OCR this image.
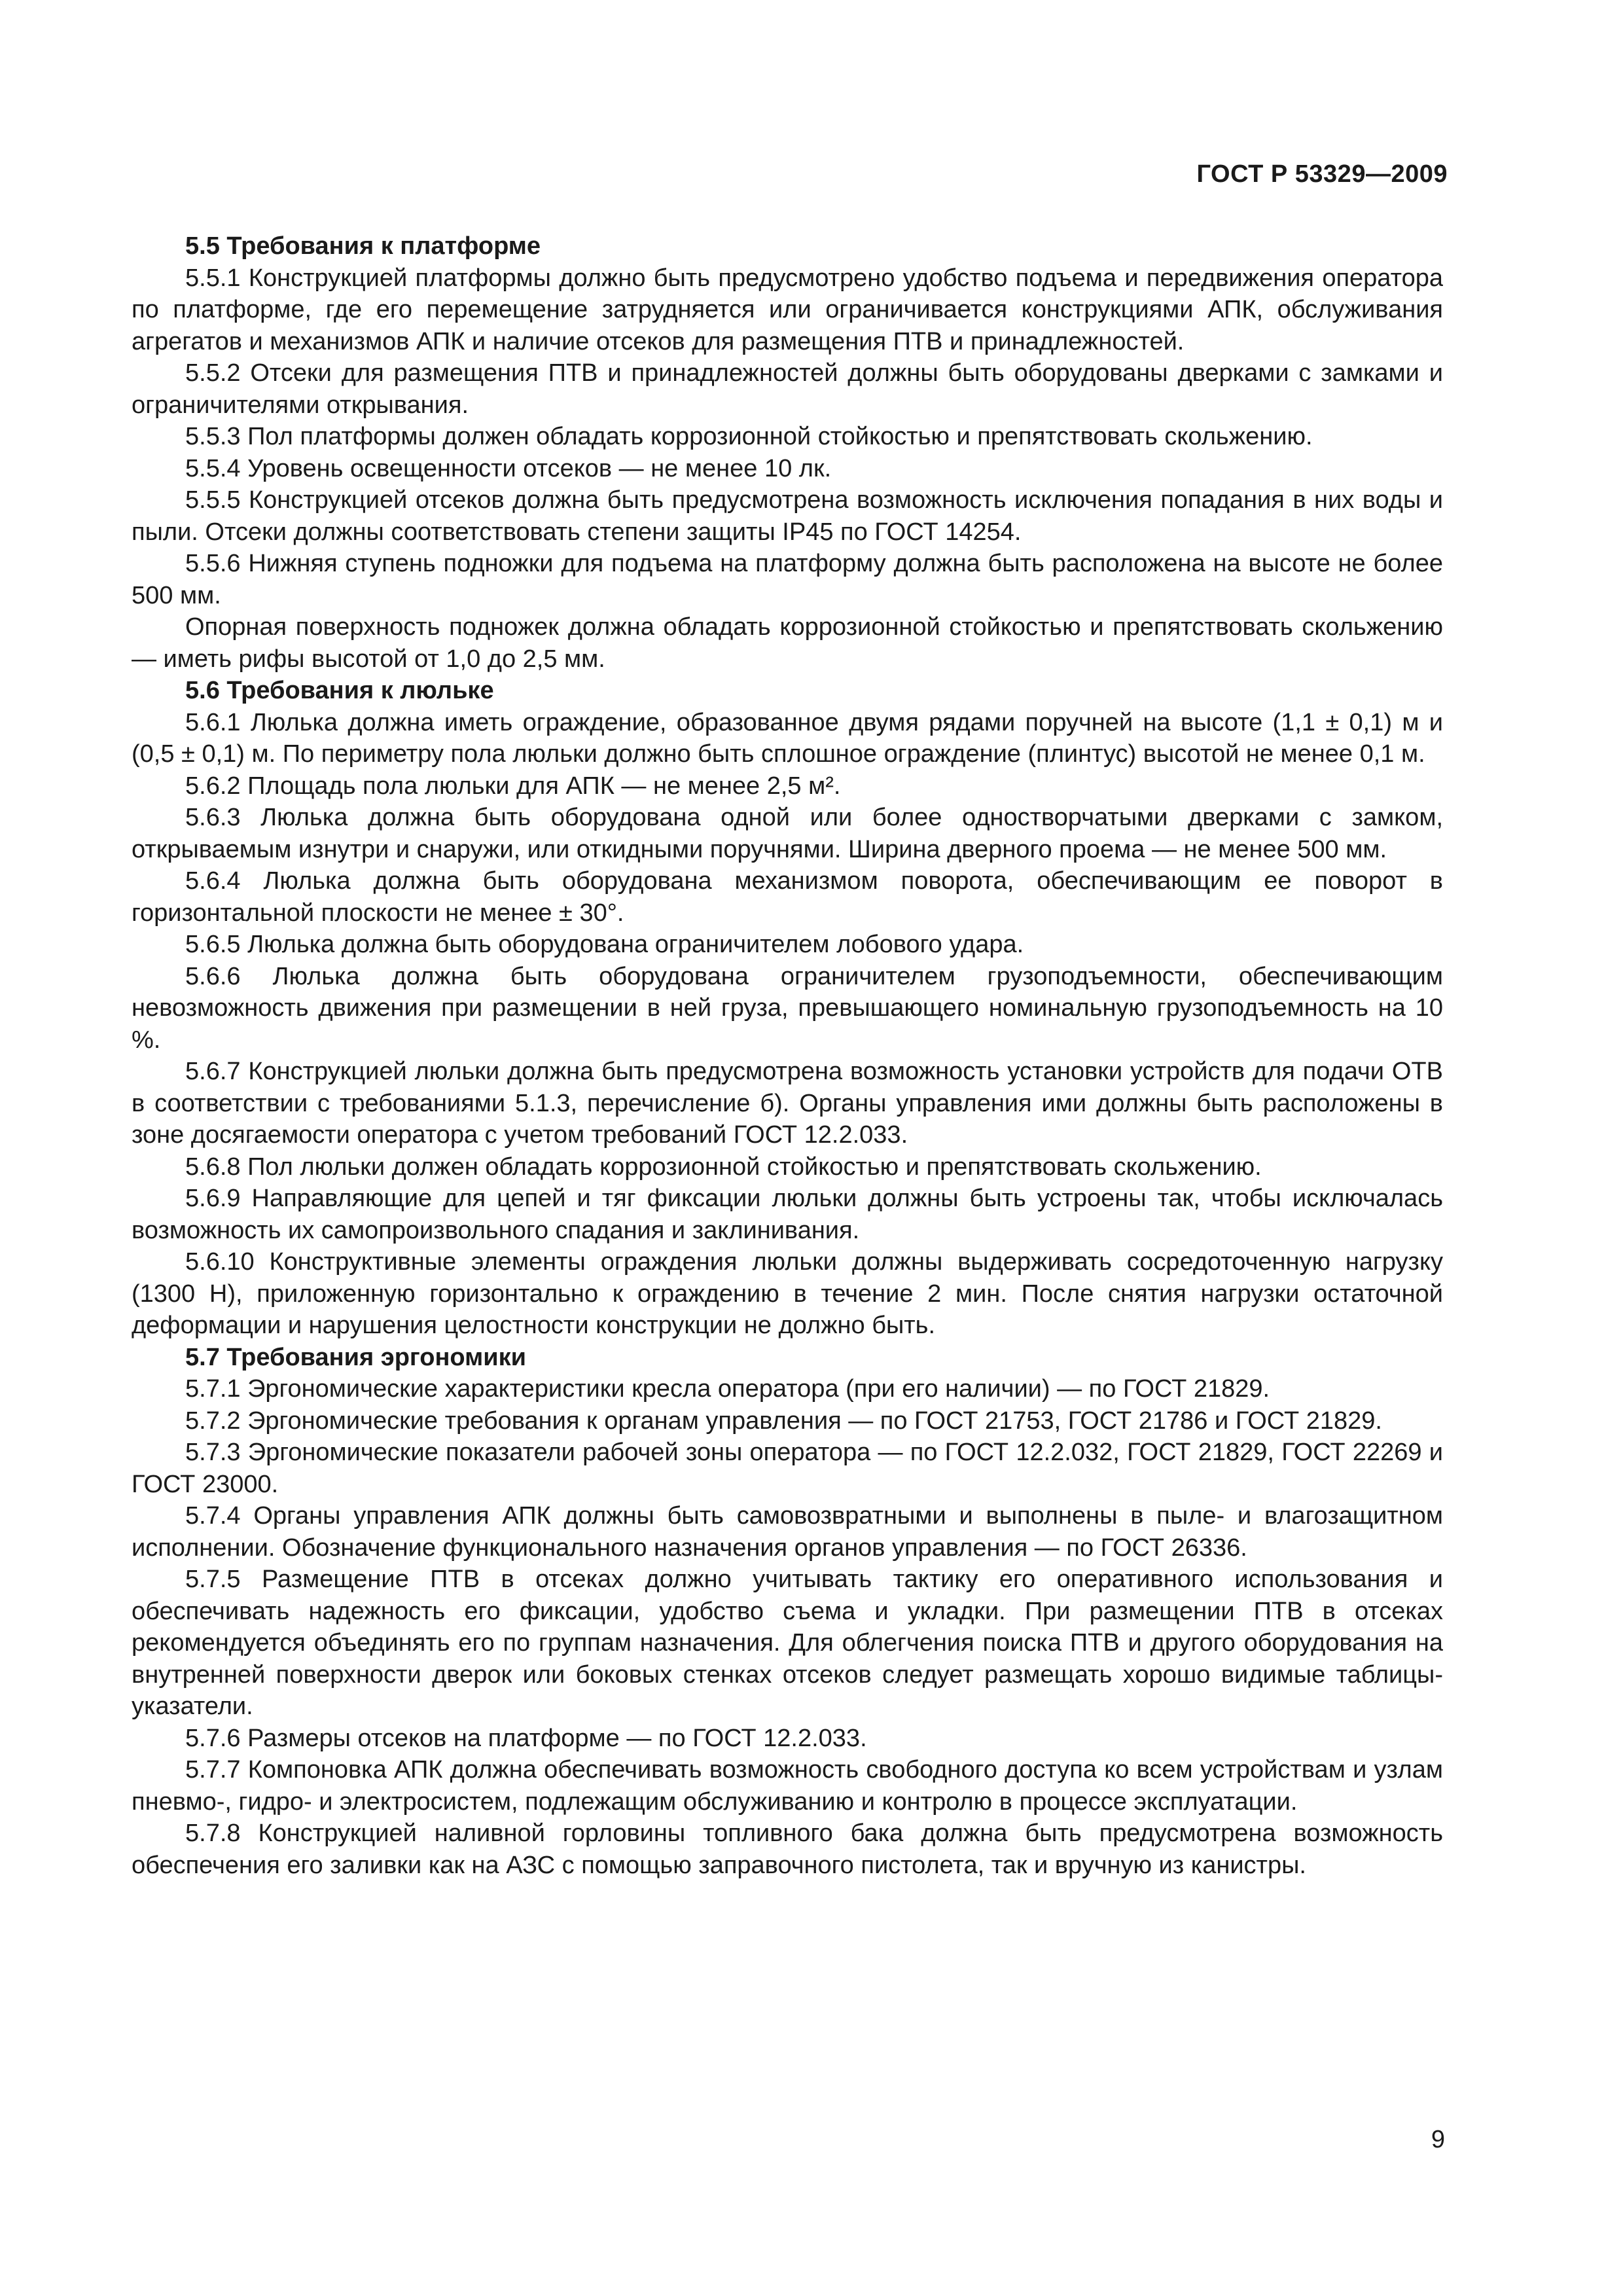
ГОСТ Р 53329—2009

5.5 Требования к платформе

5.5.1 Конструкцией платформы должно быть предусмотрено удобство подъема и передвижения оператора по платформе, где его перемещение затрудняется или ограничивается конструкциями АПК, обслуживания агрегатов и механизмов АПК и наличие отсеков для размещения ПТВ и принадлежностей.

5.5.2 Отсеки для размещения ПТВ и принадлежностей должны быть оборудованы дверками с замками и ограничителями открывания.

5.5.3 Пол платформы должен обладать коррозионной стойкостью и препятствовать скольжению.

5.5.4 Уровень освещенности отсеков — не менее 10 лк.

5.5.5 Конструкцией отсеков должна быть предусмотрена возможность исключения попадания в них воды и пыли. Отсеки должны соответствовать степени защиты IP45 по ГОСТ 14254.

5.5.6 Нижняя ступень подножки для подъема на платформу должна быть расположена на высоте не более 500 мм.

Опорная поверхность подножек должна обладать коррозионной стойкостью и препятствовать скольжению — иметь рифы высотой от 1,0 до 2,5 мм.

5.6 Требования к люльке

5.6.1 Люлька должна иметь ограждение, образованное двумя рядами поручней на высоте (1,1 ± 0,1) м и (0,5 ± 0,1) м. По периметру пола люльки должно быть сплошное ограждение (плинтус) высотой не менее 0,1 м.

5.6.2 Площадь пола люльки для АПК — не менее 2,5 м².

5.6.3 Люлька должна быть оборудована одной или более одностворчатыми дверками с замком, открываемым изнутри и снаружи, или откидными поручнями. Ширина дверного проема — не менее 500 мм.

5.6.4 Люлька должна быть оборудована механизмом поворота, обеспечивающим ее поворот в горизонтальной плоскости не менее ± 30°.

5.6.5 Люлька должна быть оборудована ограничителем лобового удара.

5.6.6 Люлька должна быть оборудована ограничителем грузоподъемности, обеспечивающим невозможность движения при размещении в ней груза, превышающего номинальную грузоподъемность на 10 %.

5.6.7 Конструкцией люльки должна быть предусмотрена возможность установки устройств для подачи ОТВ в соответствии с требованиями 5.1.3, перечисление б). Органы управления ими должны быть расположены в зоне досягаемости оператора с учетом требований ГОСТ 12.2.033.

5.6.8 Пол люльки должен обладать коррозионной стойкостью и препятствовать скольжению.

5.6.9 Направляющие для цепей и тяг фиксации люльки должны быть устроены так, чтобы исключалась возможность их самопроизвольного спадания и заклинивания.

5.6.10 Конструктивные элементы ограждения люльки должны выдерживать сосредоточенную нагрузку (1300 Н), приложенную горизонтально к ограждению в течение 2 мин. После снятия нагрузки остаточной деформации и нарушения целостности конструкции не должно быть.

5.7 Требования эргономики

5.7.1 Эргономические характеристики кресла оператора (при его наличии) — по ГОСТ 21829.

5.7.2 Эргономические требования к органам управления — по ГОСТ 21753, ГОСТ 21786 и ГОСТ 21829.

5.7.3 Эргономические показатели рабочей зоны оператора — по ГОСТ 12.2.032, ГОСТ 21829, ГОСТ 22269 и ГОСТ 23000.

5.7.4 Органы управления АПК должны быть самовозвратными и выполнены в пыле- и влагозащитном исполнении. Обозначение функционального назначения органов управления — по ГОСТ 26336.

5.7.5 Размещение ПТВ в отсеках должно учитывать тактику его оперативного использования и обеспечивать надежность его фиксации, удобство съема и укладки. При размещении ПТВ в отсеках рекомендуется объединять его по группам назначения. Для облегчения поиска ПТВ и другого оборудования на внутренней поверхности дверок или боковых стенках отсеков следует размещать хорошо видимые таблицы-указатели.

5.7.6 Размеры отсеков на платформе — по ГОСТ 12.2.033.

5.7.7 Компоновка АПК должна обеспечивать возможность свободного доступа ко всем устройствам и узлам пневмо-, гидро- и электросистем, подлежащим обслуживанию и контролю в процессе эксплуатации.

5.7.8 Конструкцией наливной горловины топливного бака должна быть предусмотрена возможность обеспечения его заливки как на АЗС с помощью заправочного пистолета, так и вручную из канистры.

9
